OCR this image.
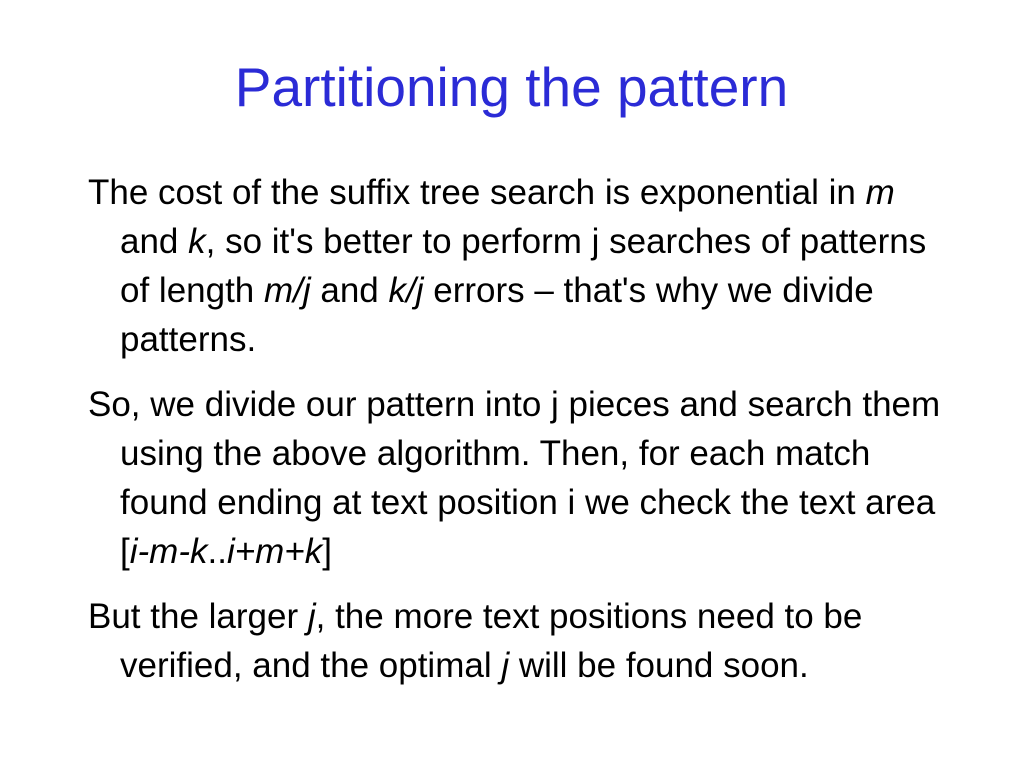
Partitioning the pattern

The cost of the suffix tree search is exponential in m and k, so it's better to perform j searches of patterns of length m/j and k/j errors – that's why we divide patterns.

So, we divide our pattern into j pieces and search them using the above algorithm. Then, for each match found ending at text position i we check the text area [i-m-k..i+m+k]

But the larger j, the more text positions need to be verified, and the optimal j will be found soon.
